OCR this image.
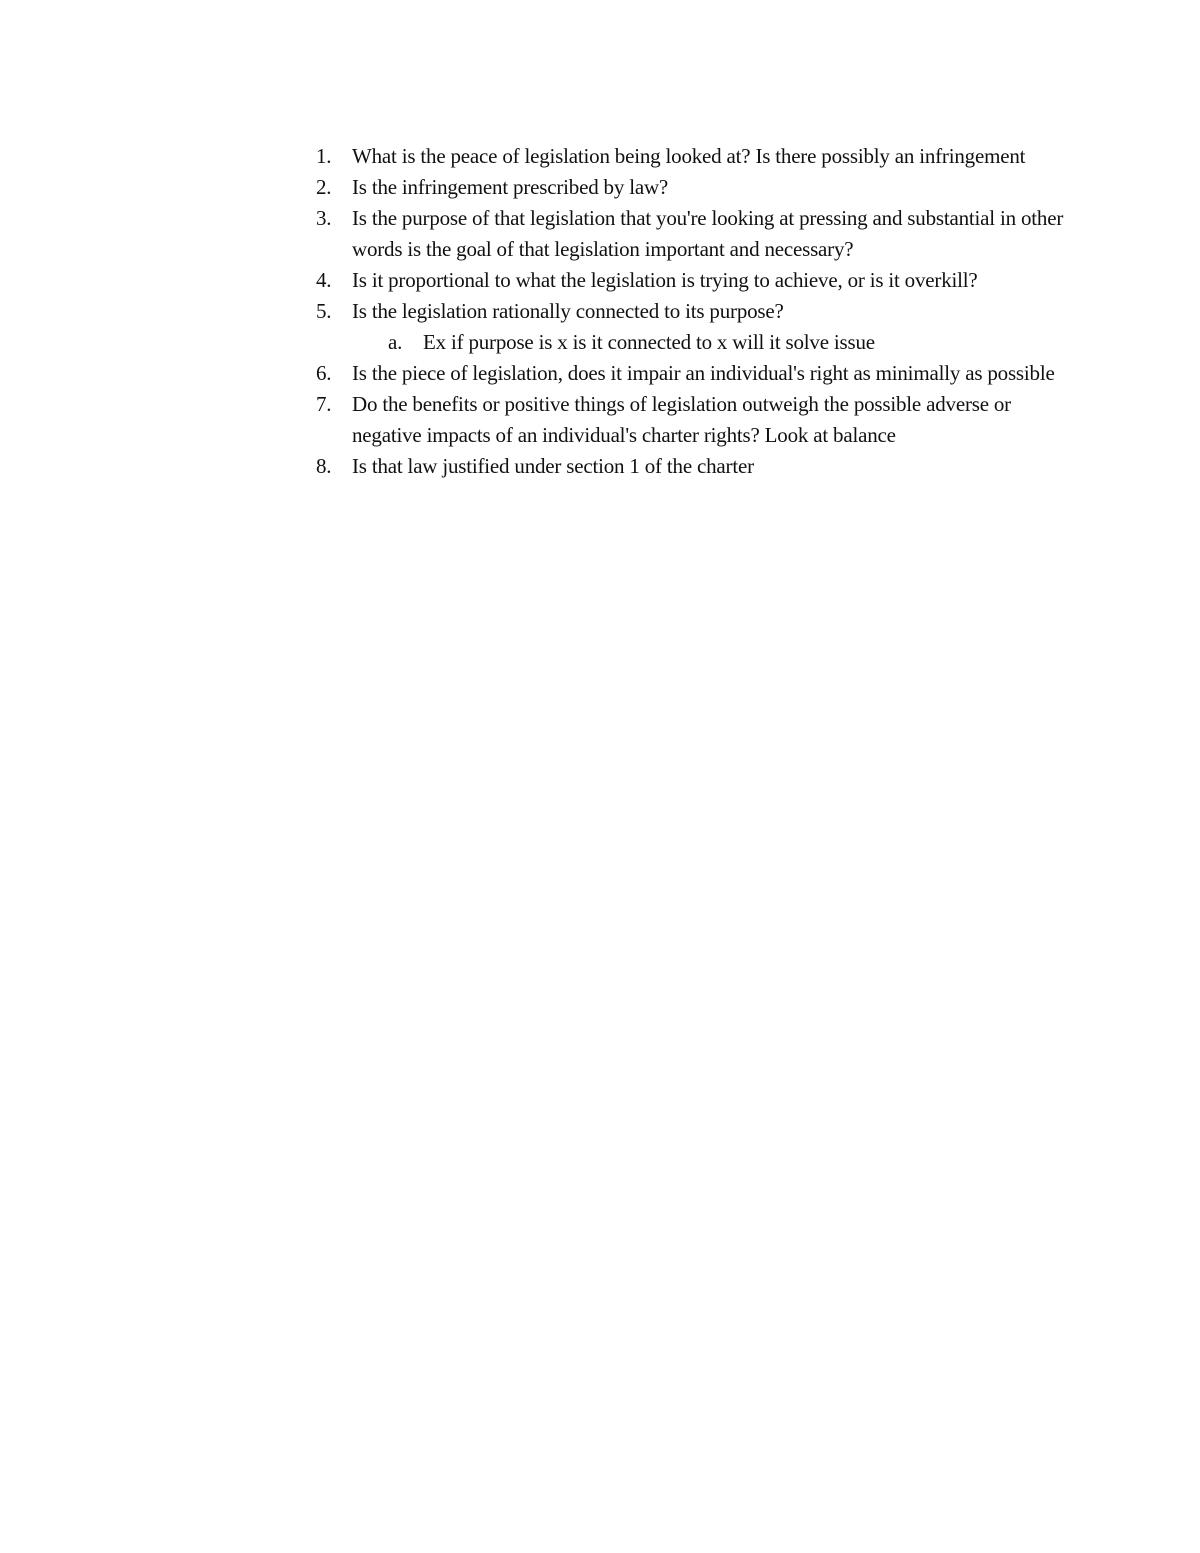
1. What is the peace of legislation being looked at? Is there possibly an infringement
2. Is the infringement prescribed by law?
3. Is the purpose of that legislation that you're looking at pressing and substantial in other words is the goal of that legislation important and necessary?
4. Is it proportional to what the legislation is trying to achieve, or is it overkill?
5. Is the legislation rationally connected to its purpose?
a. Ex if purpose is x is it connected to x will it solve issue
6. Is the piece of legislation, does it impair an individual's right as minimally as possible
7. Do the benefits or positive things of legislation outweigh the possible adverse or negative impacts of an individual's charter rights? Look at balance
8. Is that law justified under section 1 of the charter
